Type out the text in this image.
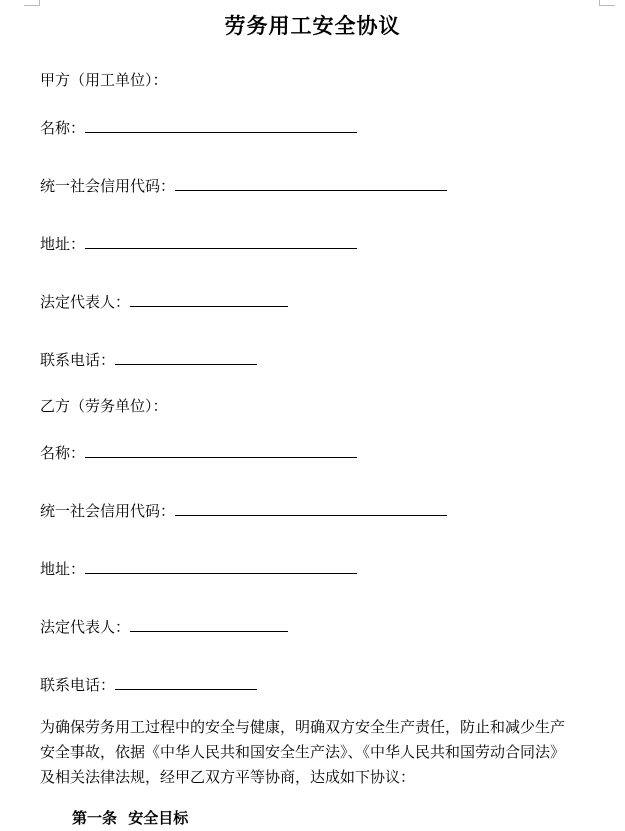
劳务用工安全协议
甲方（用工单位）：
名称：
统一社会信用代码：
地址：
法定代表人：
联系电话：
乙方（劳务单位）：
名称：
统一社会信用代码：
地址：
法定代表人：
联系电话：
为确保劳务用工过程中的安全与健康，明确双方安全生产责任，防止和减少生产
安全事故，依据《中华人民共和国安全生产法》、《中华人民共和国劳动合同法》
及相关法律法规，经甲乙双方平等协商，达成如下协议：
第一条 安全目标
